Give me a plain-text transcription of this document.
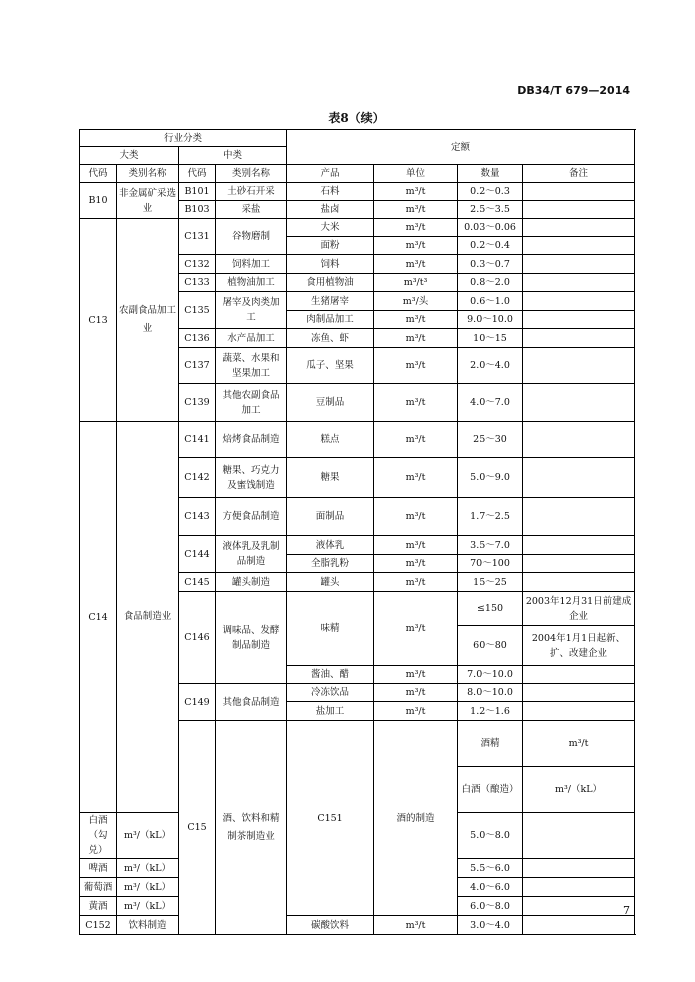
DB34/T 679—2014
表8（续）
行业分类				定额				
大类		中类						
代码	类别名称	代码	类别名称	产品	单位	数量	备注	
B10	非金属矿采选业	B101	土砂石开采	石料	m³/t	0.2～0.3		
		B103	采盐	盐卤	m³/t	2.5～3.5		
C13	农副食品加工业	C131	谷物磨制	大米	m³/t	0.03～0.06		
				面粉	m³/t	0.2～0.4		
		C132	饲料加工	饲料	m³/t	0.3～0.7		
		C133	植物油加工	食用植物油	m³/t³	0.8～2.0		
		C135	屠宰及肉类加工	生猪屠宰	m³/头	0.6～1.0		
				肉制品加工	m³/t	9.0～10.0		
		C136	水产品加工	冻鱼、虾	m³/t	10～15		
		C137	蔬菜、水果和坚果加工	瓜子、坚果	m³/t	2.0～4.0		

		C139	其他农副食品加工	豆制品	m³/t	4.0～7.0		

C14	食品制造业	C141	焙烤食品制造	糕点	m³/t	25～30		

		C142	糖果、巧克力及蜜饯制造	糖果	m³/t	5.0～9.0		

		C143	方便食品制造	面制品	m³/t	1.7～2.5		

		C144	液体乳及乳制品制造	液体乳	m³/t	3.5～7.0		
				全脂乳粉	m³/t	70～100		
		C145	罐头制造	罐头	m³/t	15～25		
		C146	调味品、发酵制品制造	味精	m³/t	≤150	2003年12月31日前建成企业	

						60～80	2004年1月1日起新、扩、改建企业	

				酱油、醋	m³/t	7.0～10.0		
		C149	其他食品制造	冷冻饮品	m³/t	8.0～10.0		
				盐加工	m³/t	1.2～1.6		
		C15	酒、饮料和精制茶制造业	C151	酒的制造	酒精	m³/t		
						白酒（酿造）	m³/（kL）		
白酒（勾兑）	m³/（kL）					5.0～8.0		
啤酒	m³/（kL）					5.5～6.0		
葡萄酒	m³/（kL）					4.0～6.0		
黄酒	m³/（kL）					6.0～8.0		
C152	饮料制造			碳酸饮料	m³/t	3.0～4.0		
7
